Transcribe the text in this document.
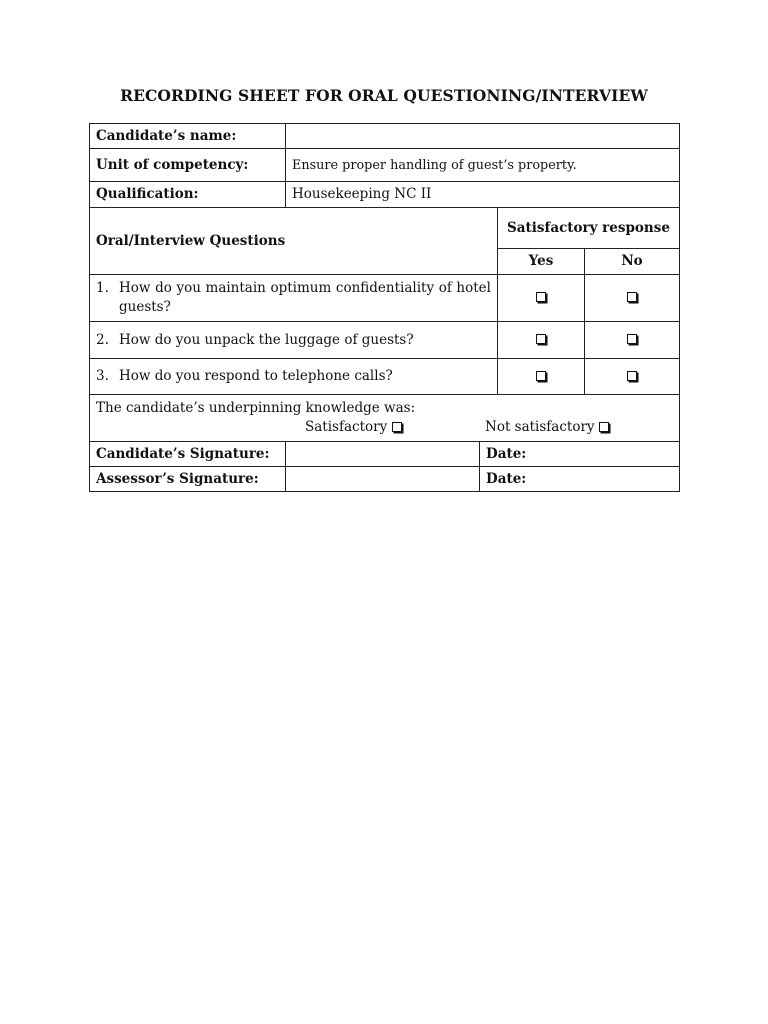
RECORDING SHEET FOR ORAL QUESTIONING/INTERVIEW
Candidate’s name:				
Unit of competency:	Ensure proper handling of guest’s property.			
Qualification:	Housekeeping NC II			
Oral/Interview Questions			Satisfactory response	
			Yes	No

1. How do you maintain optimum confidentiality of hotel guests?				

2. How do you unpack the luggage of guests?				

3. How do you respond to telephone calls?				

The candidate’s underpinning knowledge was:
Satisfactory Not satisfactory				

Candidate’s Signature:		Date:		
Assessor’s Signature:		Date:		
